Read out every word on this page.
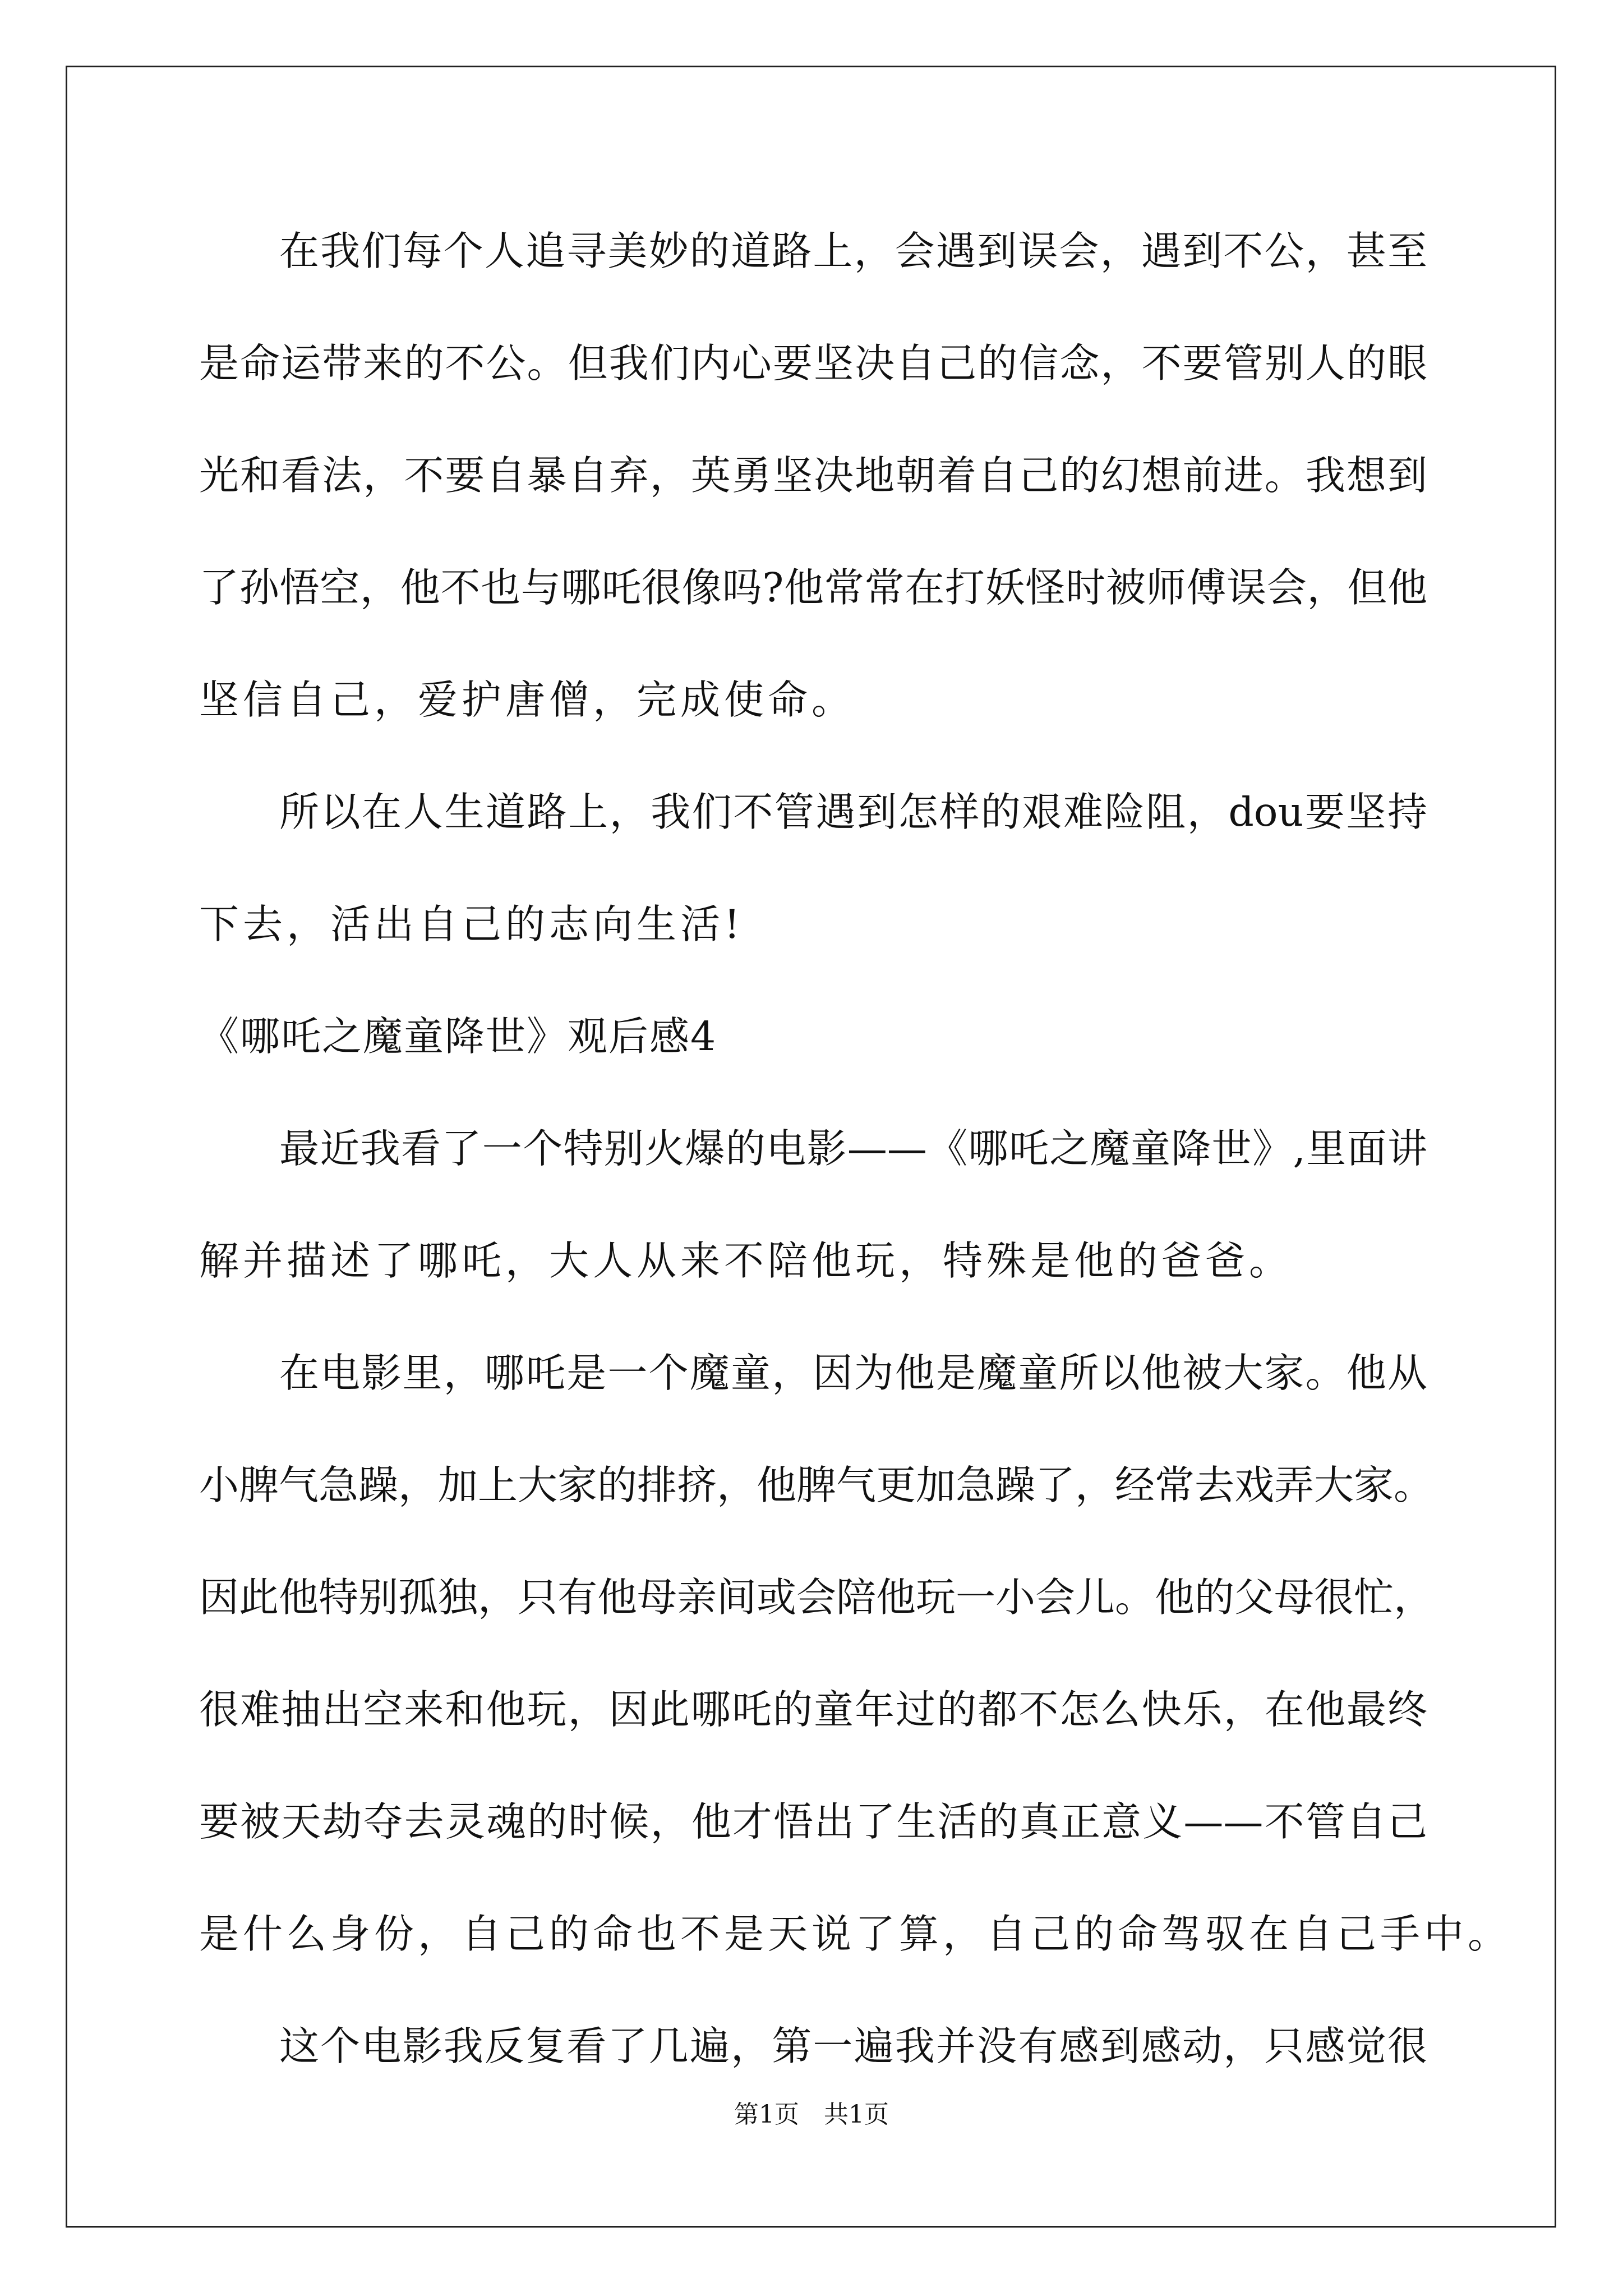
在我们每个人追寻美妙的道路上，会遇到误会，遇到不公，甚至
是命运带来的不公。但我们内心要坚决自己的信念，不要管别人的眼
光和看法，不要自暴自弃，英勇坚决地朝着自己的幻想前进。我想到
了孙悟空，他不也与哪吒很像吗?他常常在打妖怪时被师傅误会，但他
坚信自己，爱护唐僧，完成使命。
所以在人生道路上，我们不管遇到怎样的艰难险阻，dou要坚持
下去，活出自己的志向生活!
《哪吒之魔童降世》观后感4
最近我看了一个特别火爆的电影——《哪吒之魔童降世》,里面讲
解并描述了哪吒，大人从来不陪他玩，特殊是他的爸爸。
在电影里，哪吒是一个魔童，因为他是魔童所以他被大家。他从
小脾气急躁，加上大家的排挤，他脾气更加急躁了，经常去戏弄大家。
因此他特别孤独，只有他母亲间或会陪他玩一小会儿。他的父母很忙，
很难抽出空来和他玩，因此哪吒的童年过的都不怎么快乐，在他最终
要被天劫夺去灵魂的时候，他才悟出了生活的真正意义——不管自己
是什么身份，自己的命也不是天说了算，自己的命驾驭在自己手中。
这个电影我反复看了几遍，第一遍我并没有感到感动，只感觉很
第1页　共1页
